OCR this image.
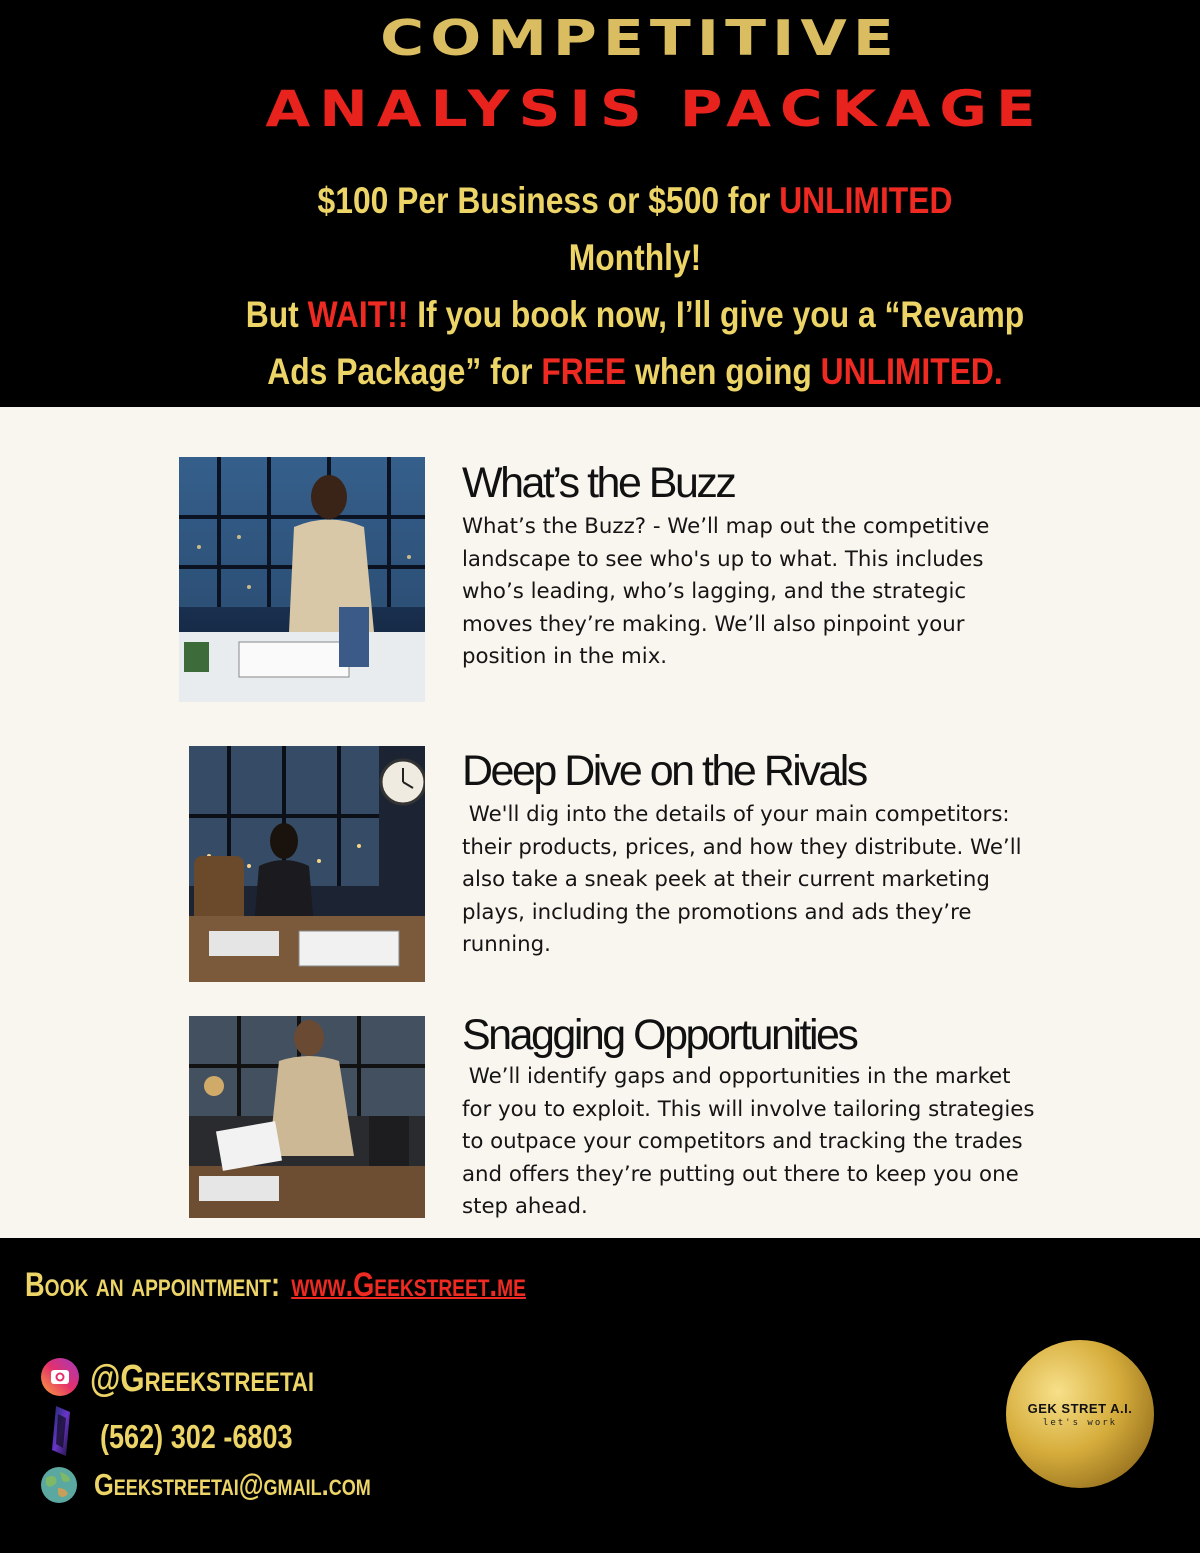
COMPETITIVE
ANALYSIS PACKAGE
$100 Per Business or $500 for UNLIMITED
Monthly!
But WAIT!! If you book now, I’ll give you a “Revamp
Ads Package” for FREE when going UNLIMITED.
What’s the Buzz
What’s the Buzz? - We’ll map out the competitive landscape to see who's up to what. This includes who’s leading, who’s lagging, and the strategic moves they’re making. We’ll also pinpoint your position in the mix.
Deep Dive on the Rivals
We'll dig into the details of your main competitors: their products, prices, and how they distribute. We’ll also take a sneak peek at their current marketing plays, including the promotions and ads they’re running.
Snagging Opportunities
We’ll identify gaps and opportunities in the market for you to exploit. This will involve tailoring strategies to outpace your competitors and tracking the trades and offers they’re putting out there to keep you one step ahead.
Book an appointment: www.Geekstreet.me
@Greekstreetai
(562) 302 -6803
Geekstreetai@gmail.com
GEK STRET A.I.
let's work
